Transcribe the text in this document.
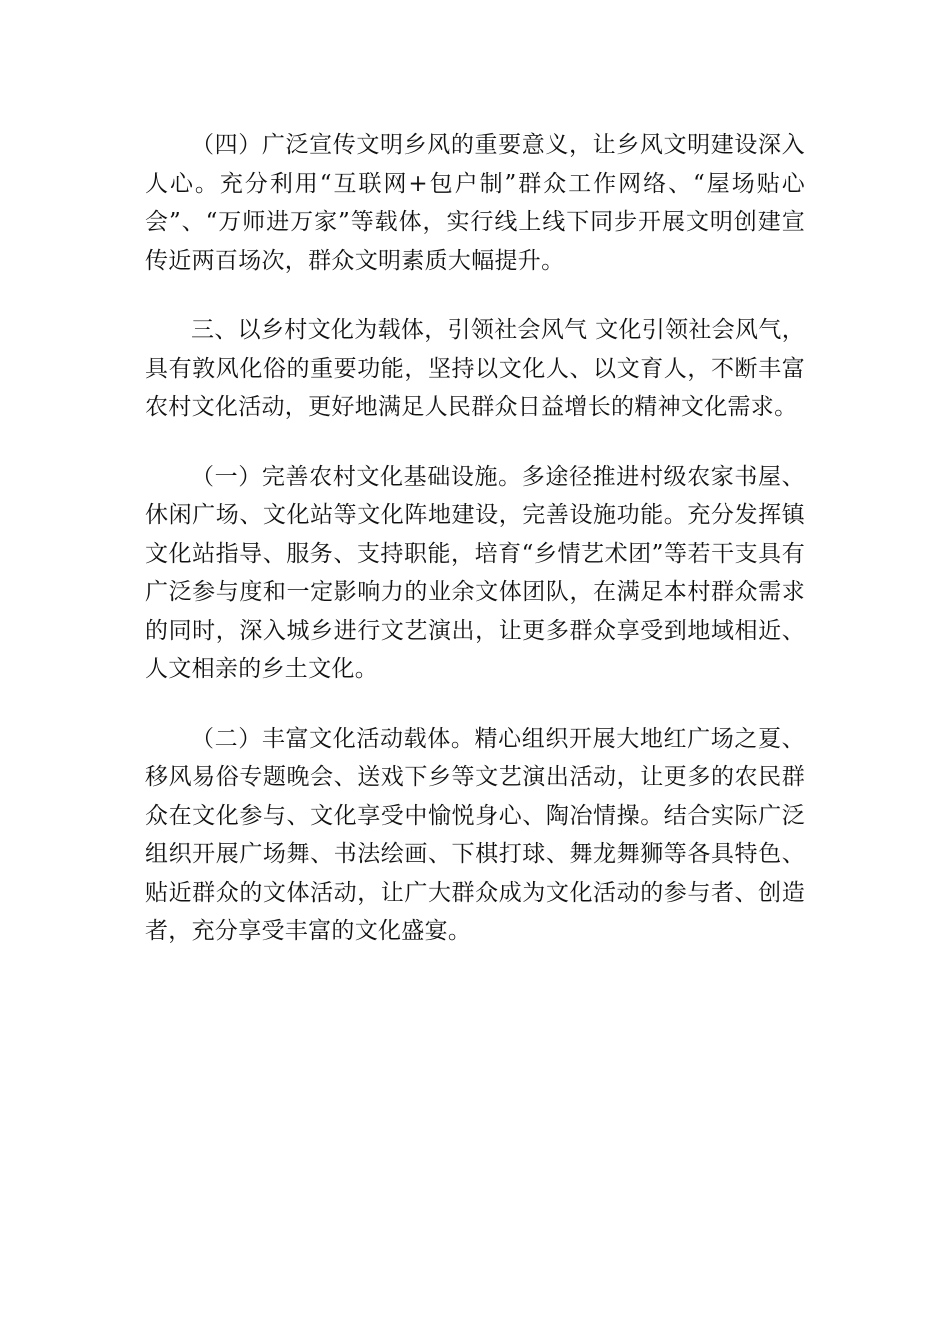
（四）广泛宣传文明乡风的重要意义，让乡风文明建设深入人心。充分利用“互联网+包户制”群众工作网络、“屋场贴心会”、“万师进万家”等载体，实行线上线下同步开展文明创建宣传近两百场次，群众文明素质大幅提升。

三、以乡村文化为载体，引领社会风气 文化引领社会风气，具有敦风化俗的重要功能，坚持以文化人、以文育人，不断丰富农村文化活动，更好地满足人民群众日益增长的精神文化需求。

（一）完善农村文化基础设施。多途径推进村级农家书屋、休闲广场、文化站等文化阵地建设，完善设施功能。充分发挥镇文化站指导、服务、支持职能，培育“乡情艺术团”等若干支具有广泛参与度和一定影响力的业余文体团队，在满足本村群众需求的同时，深入城乡进行文艺演出，让更多群众享受到地域相近、人文相亲的乡土文化。

（二）丰富文化活动载体。精心组织开展大地红广场之夏、移风易俗专题晚会、送戏下乡等文艺演出活动，让更多的农民群众在文化参与、文化享受中愉悦身心、陶冶情操。结合实际广泛组织开展广场舞、书法绘画、下棋打球、舞龙舞狮等各具特色、贴近群众的文体活动，让广大群众成为文化活动的参与者、创造者，充分享受丰富的文化盛宴。
